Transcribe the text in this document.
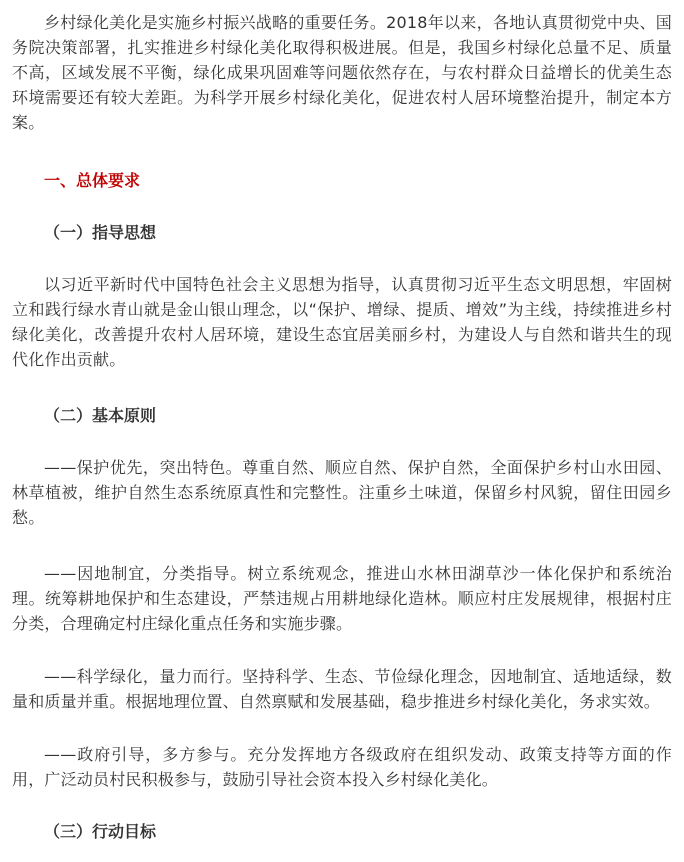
乡村绿化美化是实施乡村振兴战略的重要任务。2018年以来，各地认真贯彻党中央、国务院决策部署，扎实推进乡村绿化美化取得积极进展。但是，我国乡村绿化总量不足、质量不高，区域发展不平衡，绿化成果巩固难等问题依然存在，与农村群众日益增长的优美生态环境需要还有较大差距。为科学开展乡村绿化美化，促进农村人居环境整治提升，制定本方案。

一、总体要求
（一）指导思想

以习近平新时代中国特色社会主义思想为指导，认真贯彻习近平生态文明思想，牢固树立和践行绿水青山就是金山银山理念，以“保护、增绿、提质、增效”为主线，持续推进乡村绿化美化，改善提升农村人居环境，建设生态宜居美丽乡村，为建设人与自然和谐共生的现代化作出贡献。

（二）基本原则

——保护优先，突出特色。尊重自然、顺应自然、保护自然，全面保护乡村山水田园、林草植被，维护自然生态系统原真性和完整性。注重乡土味道，保留乡村风貌，留住田园乡愁。

——因地制宜，分类指导。树立系统观念，推进山水林田湖草沙一体化保护和系统治理。统筹耕地保护和生态建设，严禁违规占用耕地绿化造林。顺应村庄发展规律，根据村庄分类，合理确定村庄绿化重点任务和实施步骤。

——科学绿化，量力而行。坚持科学、生态、节俭绿化理念，因地制宜、适地适绿，数量和质量并重。根据地理位置、自然禀赋和发展基础，稳步推进乡村绿化美化，务求实效。

——政府引导，多方参与。充分发挥地方各级政府在组织发动、政策支持等方面的作用，广泛动员村民积极参与，鼓励引导社会资本投入乡村绿化美化。

（三）行动目标
